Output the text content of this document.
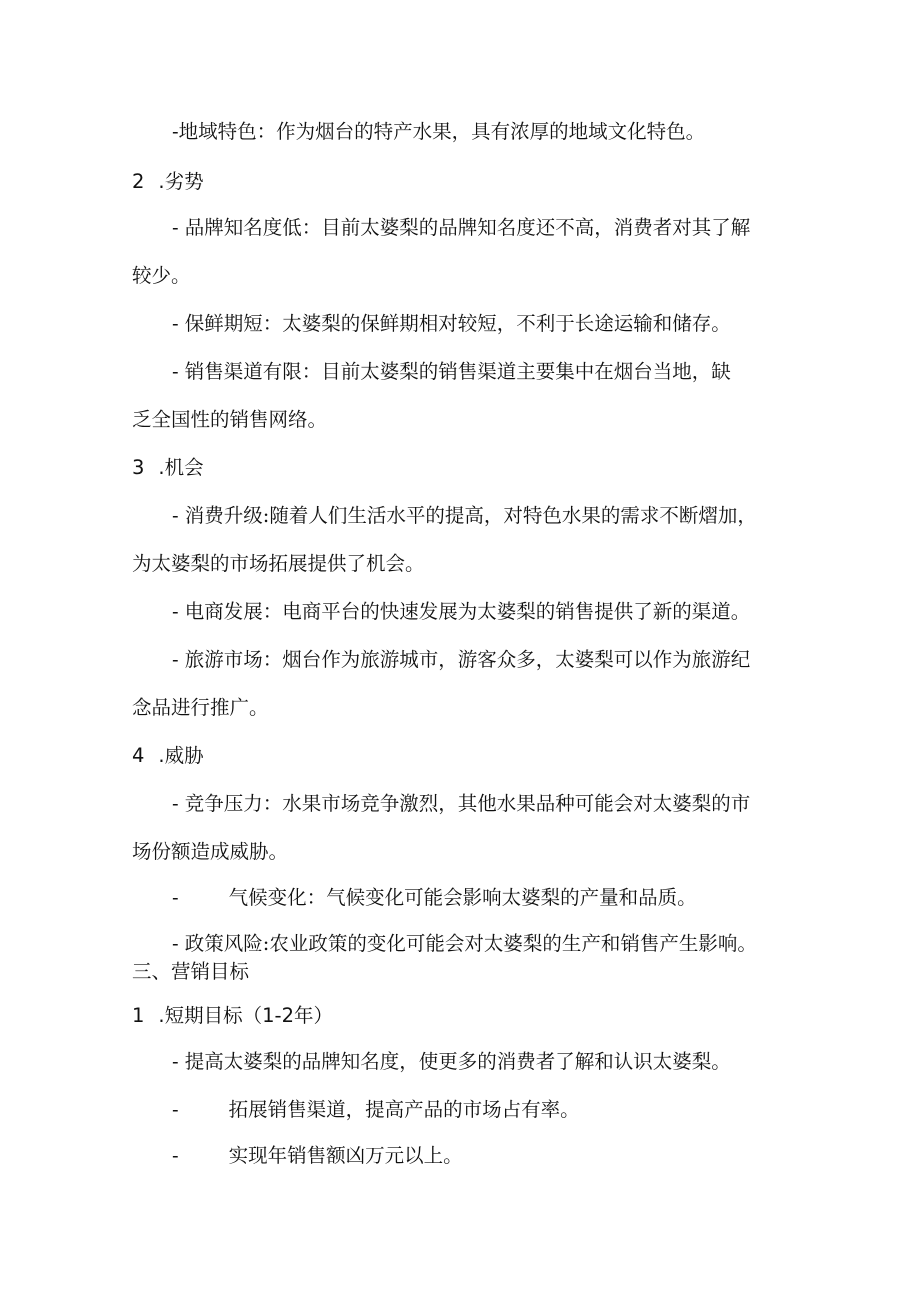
-地域特色：作为烟台的特产水果，具有浓厚的地域文化特色。

2 .劣势

- 品牌知名度低：目前太婆梨的品牌知名度还不高，消费者对其了解

较少。

- 保鲜期短：太婆梨的保鲜期相对较短，不利于长途运输和储存。

- 销售渠道有限：目前太婆梨的销售渠道主要集中在烟台当地，缺

乏全国性的销售网络。

3 .机会

- 消费升级:随着人们生活水平的提高，对特色水果的需求不断熠加，

为太婆梨的市场拓展提供了机会。

- 电商发展：电商平台的快速发展为太婆梨的销售提供了新的渠道。

- 旅游市场：烟台作为旅游城市，游客众多，太婆梨可以作为旅游纪

念品进行推广。

4 .威胁

- 竞争压力：水果市场竞争激烈，其他水果品种可能会对太婆梨的市

场份额造成威胁。

-	气候变化：气候变化可能会影响太婆梨的产量和品质。

- 政策风险:农业政策的变化可能会对太婆梨的生产和销售产生影响。

三、营销目标

1 .短期目标（1-2年）

- 提高太婆梨的品牌知名度，使更多的消费者了解和认识太婆梨。

-	拓展销售渠道，提高产品的市场占有率。

-	实现年销售额凶万元以上。
